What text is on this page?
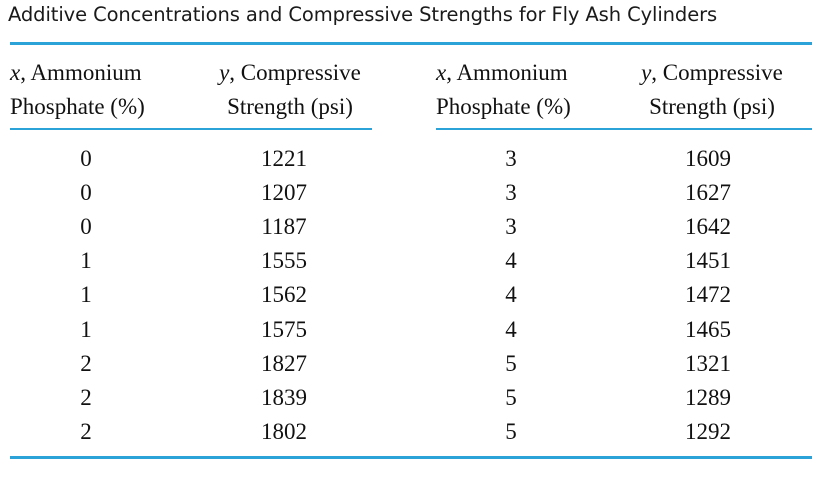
Additive Concentrations and Compressive Strengths for Fly Ash Cylinders
x, Ammonium
Phosphate (%)
y, Compressive
Strength (psi)
x, Ammonium
Phosphate (%)
y, Compressive
Strength (psi)
0
0
0
1
1
1
2
2
2
1221
1207
1187
1555
1562
1575
1827
1839
1802
3
3
3
4
4
4
5
5
5
1609
1627
1642
1451
1472
1465
1321
1289
1292
